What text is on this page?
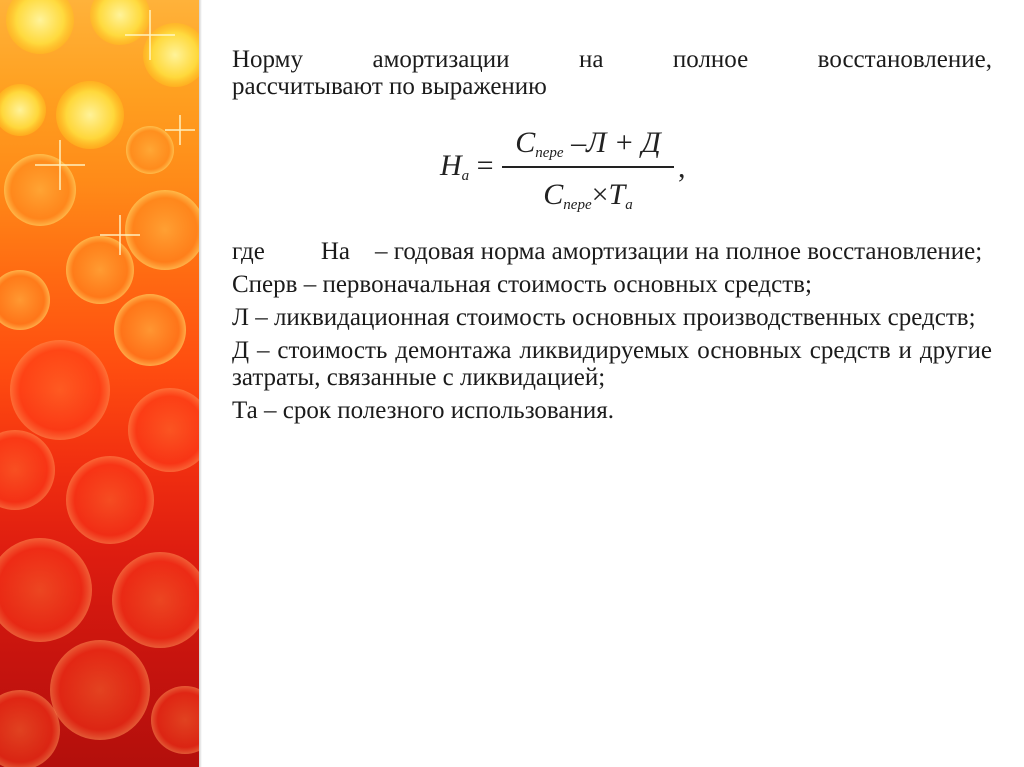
Норму амортизации на полное восстановление,

рассчитывают по выражению

$Н_а$ =
$С_{пере}$ –Л + Д
$С_{пере}\times Т_а$
,

где На – годовая норма амортизации на полное восстановление;

Сперв – первоначальная стоимость основных средств;

Л – ликвидационная стоимость основных производственных средств;

Д – стоимость демонтажа ликвидируемых основных средств и другие затраты, связанные с ликвидацией;

Та – срок полезного использования.
